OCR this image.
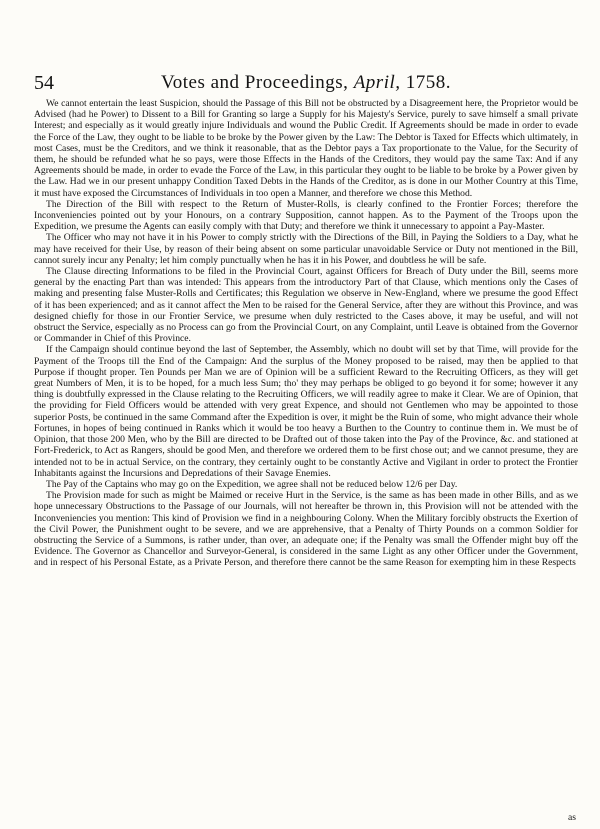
54	Votes and Proceedings, April, 1758.

We cannot entertain the least Suspicion, should the Passage of this Bill not be obstructed by a Disagreement here, the Proprietor would be Advised (had he Power) to Dissent to a Bill for Granting so large a Supply for his Majesty's Service, purely to save himself a small private Interest; and especially as it would greatly injure Individuals and wound the Public Credit. If Agreements should be made in order to evade the Force of the Law, they ought to be liable to be broke by the Power given by the Law: The Debtor is Taxed for Effects which ultimately, in most Cases, must be the Creditors, and we think it reasonable, that as the Debtor pays a Tax proportionate to the Value, for the Security of them, he should be refunded what he so pays, were those Effects in the Hands of the Creditors, they would pay the same Tax: And if any Agreements should be made, in order to evade the Force of the Law, in this particular they ought to be liable to be broke by a Power given by the Law. Had we in our present unhappy Condition Taxed Debts in the Hands of the Creditor, as is done in our Mother Country at this Time, it must have exposed the Circumstances of Individuals in too open a Manner, and therefore we chose this Method.

The Direction of the Bill with respect to the Return of Muster-Rolls, is clearly confined to the Frontier Forces; therefore the Inconveniencies pointed out by your Honours, on a contrary Supposition, cannot happen. As to the Payment of the Troops upon the Expedition, we presume the Agents can easily comply with that Duty; and therefore we think it unnecessary to appoint a Pay-Master.

The Officer who may not have it in his Power to comply strictly with the Directions of the Bill, in Paying the Soldiers to a Day, what he may have received for their Use, by reason of their being absent on some particular unavoidable Service or Duty not mentioned in the Bill, cannot surely incur any Penalty; let him comply punctually when he has it in his Power, and doubtless he will be safe.

The Clause directing Informations to be filed in the Provincial Court, against Officers for Breach of Duty under the Bill, seems more general by the enacting Part than was intended: This appears from the introductory Part of that Clause, which mentions only the Cases of making and presenting false Muster-Rolls and Certificates; this Regulation we observe in New-England, where we presume the good Effect of it has been experienced; and as it cannot affect the Men to be raised for the General Service, after they are without this Province, and was designed chiefly for those in our Frontier Service, we presume when duly restricted to the Cases above, it may be useful, and will not obstruct the Service, especially as no Process can go from the Provincial Court, on any Complaint, until Leave is obtained from the Governor or Commander in Chief of this Province.

If the Campaign should continue beyond the last of September, the Assembly, which no doubt will set by that Time, will provide for the Payment of the Troops till the End of the Campaign: And the surplus of the Money proposed to be raised, may then be applied to that Purpose if thought proper. Ten Pounds per Man we are of Opinion will be a sufficient Reward to the Recruiting Officers, as they will get great Numbers of Men, it is to be hoped, for a much less Sum; tho' they may perhaps be obliged to go beyond it for some; however it any thing is doubtfully expressed in the Clause relating to the Recruiting Officers, we will readily agree to make it Clear. We are of Opinion, that the providing for Field Officers would be attended with very great Expence, and should not Gentlemen who may be appointed to those superior Posts, be continued in the same Command after the Expedition is over, it might be the Ruin of some, who might advance their whole Fortunes, in hopes of being continued in Ranks which it would be too heavy a Burthen to the Country to continue them in. We must be of Opinion, that those 200 Men, who by the Bill are directed to be Drafted out of those taken into the Pay of the Province, &c. and stationed at Fort-Frederick, to Act as Rangers, should be good Men, and therefore we ordered them to be first chose out; and we cannot presume, they are intended not to be in actual Service, on the contrary, they certainly ought to be constantly Active and Vigilant in order to protect the Frontier Inhabitants against the Incursions and Depredations of their Savage Enemies.

The Pay of the Captains who may go on the Expedition, we agree shall not be reduced below 12/6 per Day.

The Provision made for such as might be Maimed or receive Hurt in the Service, is the same as has been made in other Bills, and as we hope unnecessary Obstructions to the Passage of our Journals, will not hereafter be thrown in, this Provision will not be attended with the Inconveniencies you mention: This kind of Provision we find in a neighbouring Colony. When the Military forcibly obstructs the Exertion of the Civil Power, the Punishment ought to be severe, and we are apprehensive, that a Penalty of Thirty Pounds on a common Soldier for obstructing the Service of a Summons, is rather under, than over, an adequate one; if the Penalty was small the Offender might buy off the Evidence. The Governor as Chancellor and Surveyor-General, is considered in the same Light as any other Officer under the Government, and in respect of his Personal Estate, as a Private Person, and therefore there cannot be the same Reason for exempting him in these Respects

as
